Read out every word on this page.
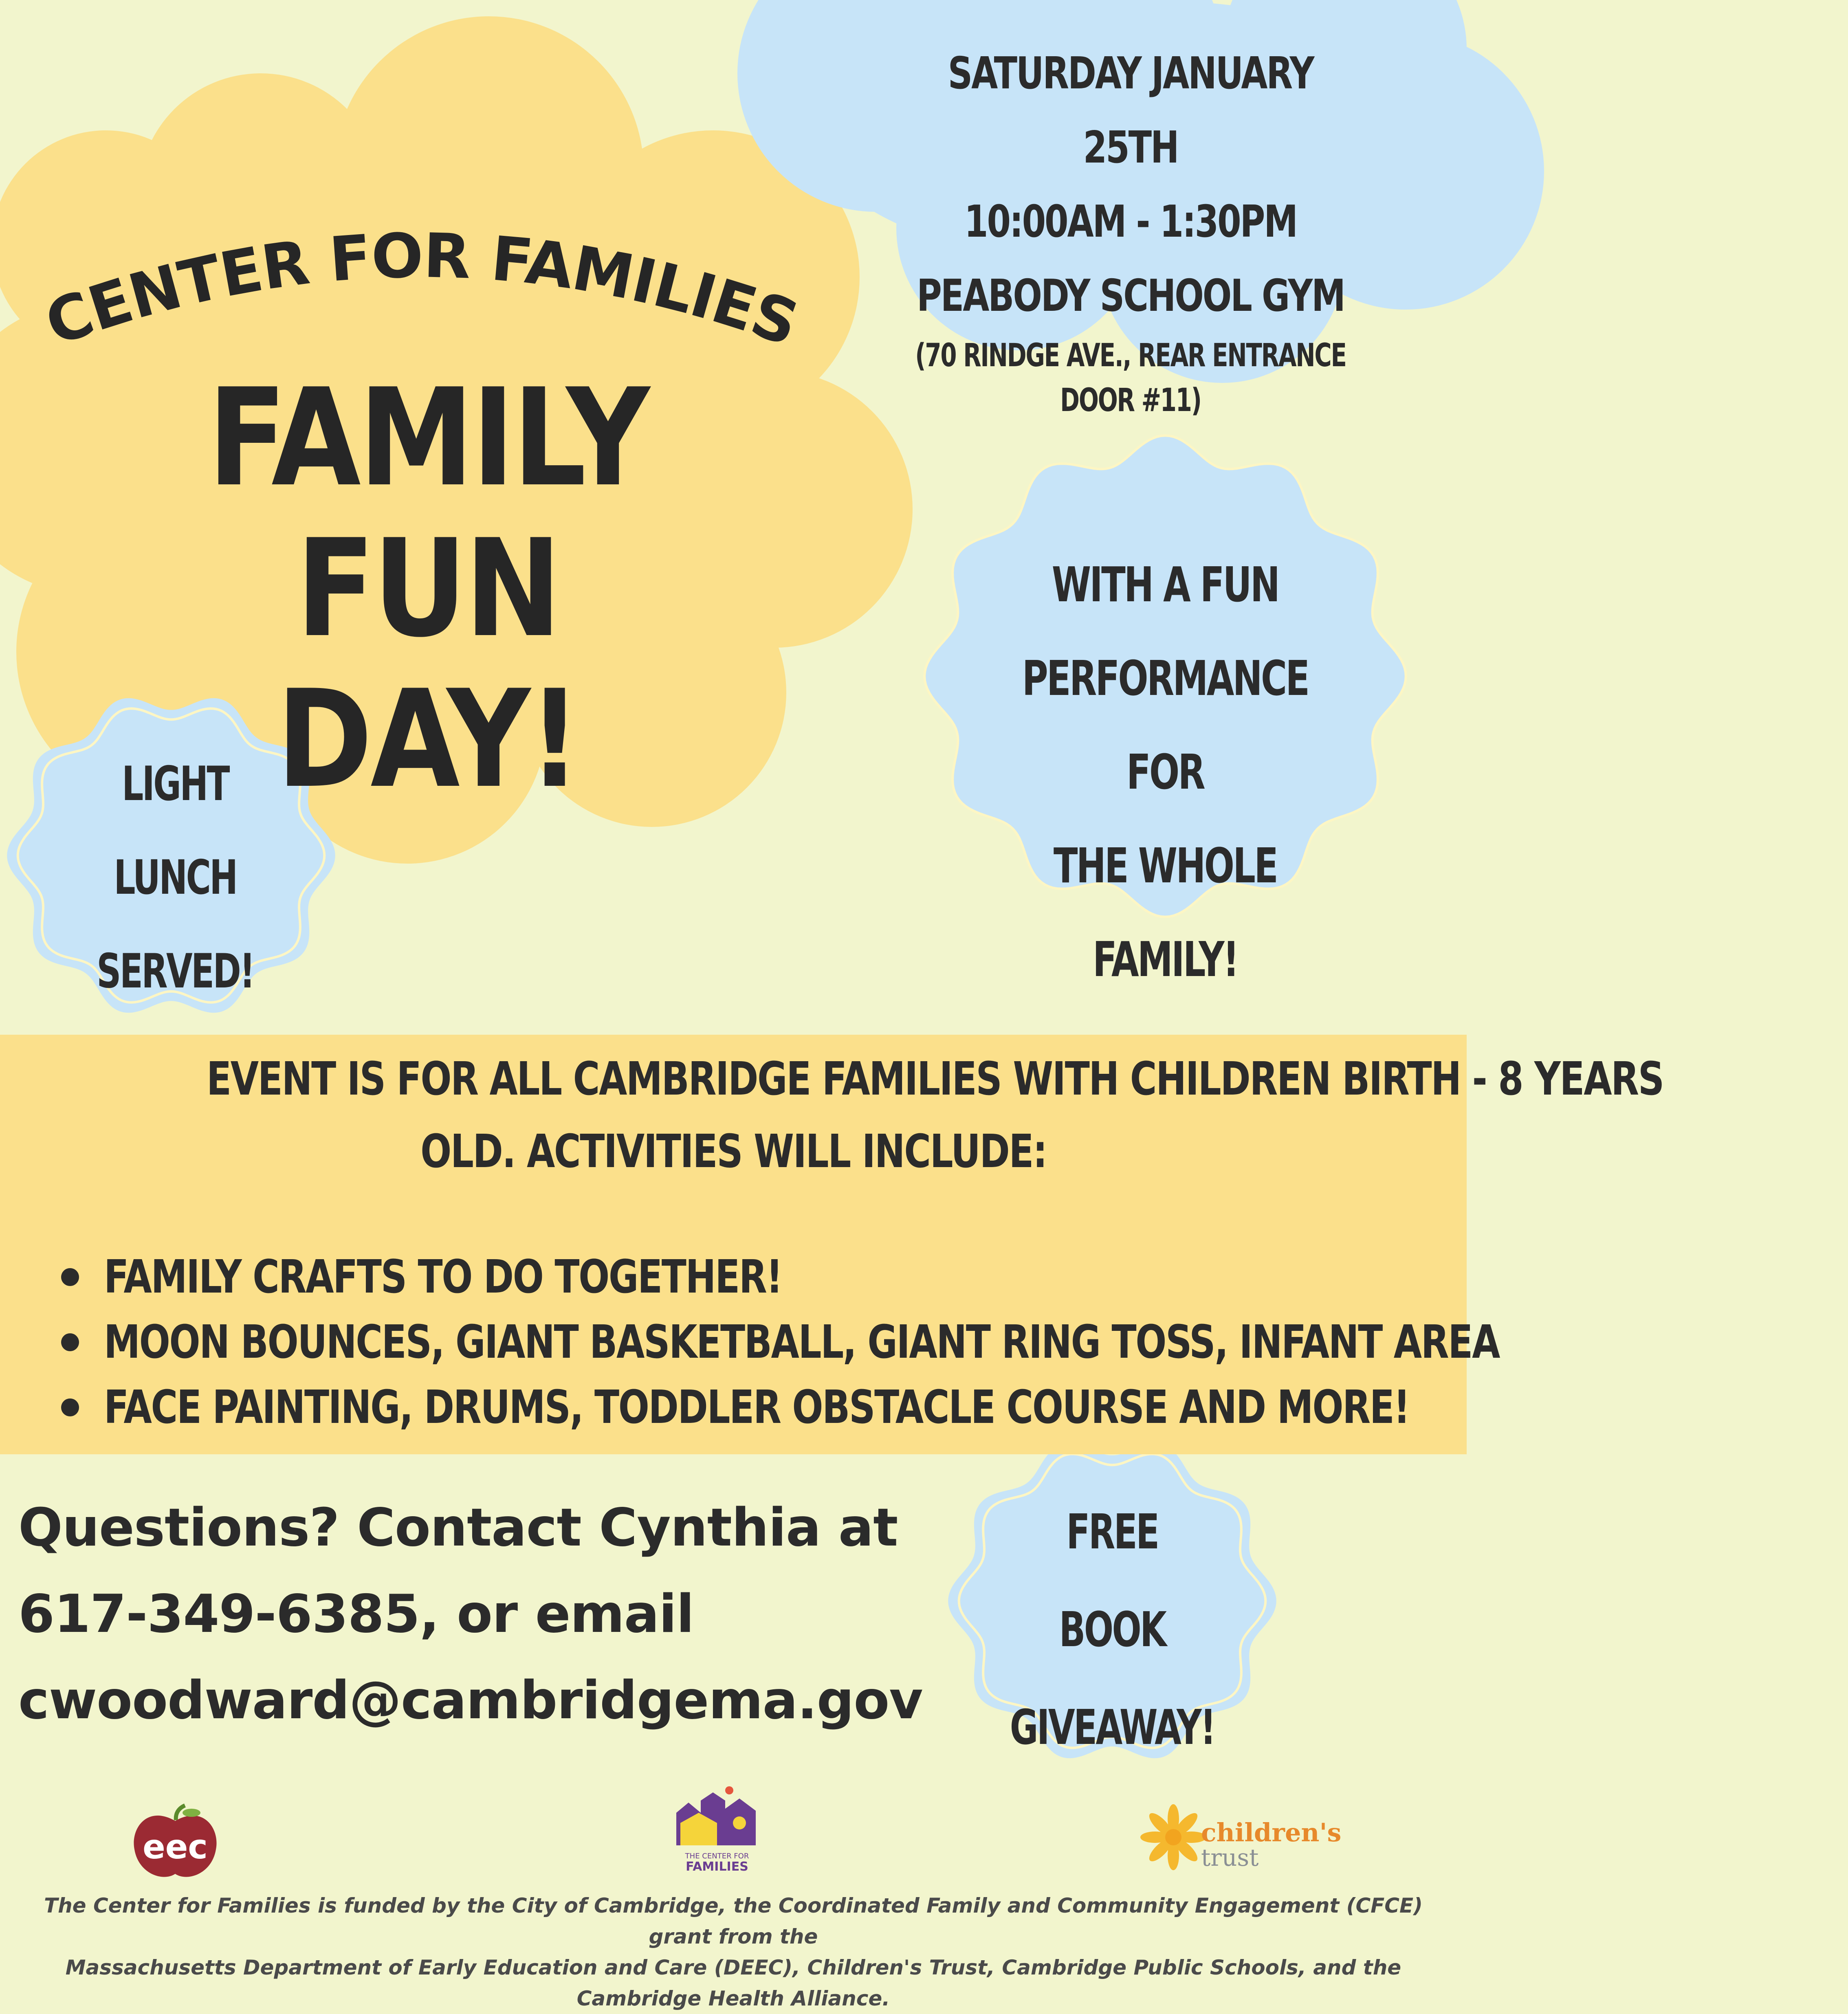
SATURDAY JANUARY 25TH
10:00AM - 1:30PM
PEABODY SCHOOL GYM
(70 RINDGE AVE., REAR ENTRANCE DOOR #11)
CENTER FOR FAMILIES
FAMILY FUN
DAY!
WITH A FUN
PERFORMANCE FOR
THE WHOLE FAMILY!
LIGHT
LUNCH
SERVED!
EVENT IS FOR ALL CAMBRIDGE FAMILIES WITH CHILDREN BIRTH - 8 YEARS
OLD. ACTIVITIES WILL INCLUDE:
FAMILY CRAFTS TO DO TOGETHER!
MOON BOUNCES, GIANT BASKETBALL, GIANT RING TOSS, INFANT AREA
FACE PAINTING, DRUMS, TODDLER OBSTACLE COURSE AND MORE!
Questions? Contact Cynthia at
617-349-6385, or email
cwoodward@cambridgema.gov
FREE
BOOK
GIVEAWAY!
eec	THE CENTER FOR
FAMILIES
children's
trust
The Center for Families is funded by the City of Cambridge, the Coordinated Family and Community Engagement (CFCE) grant from the
Massachusetts Department of Early Education and Care (DEEC), Children's Trust, Cambridge Public Schools, and the Cambridge Health Alliance.
